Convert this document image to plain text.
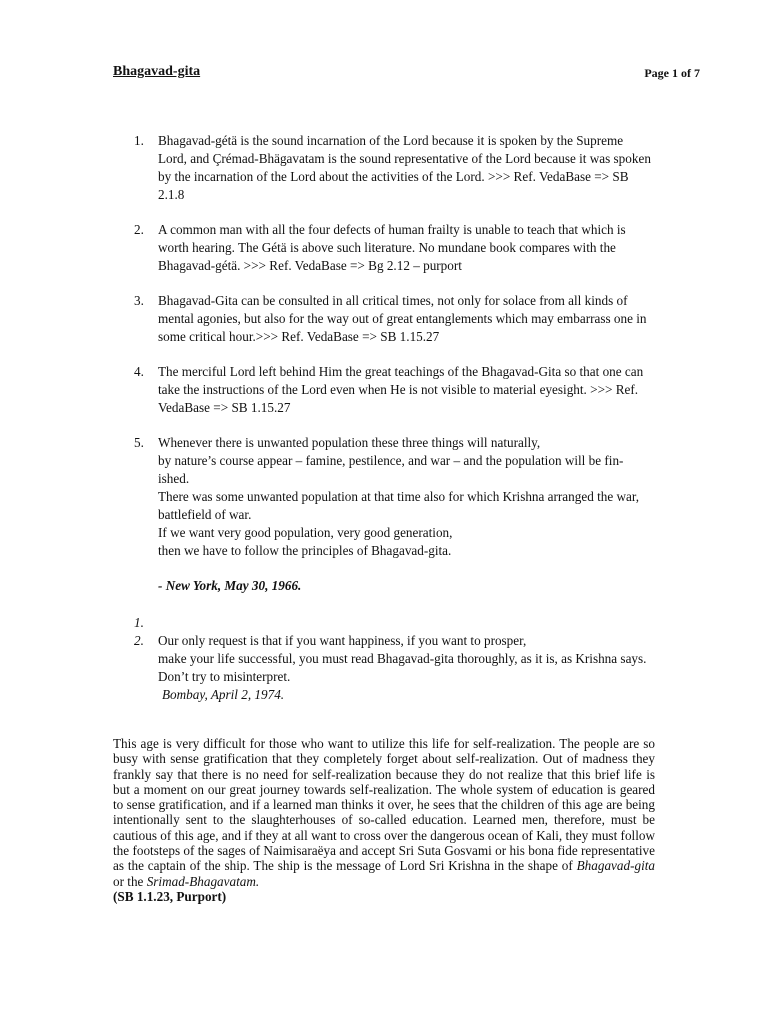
Bhagavad-gita	Page 1 of 7
1.	Bhagavad-gétä is the sound incarnation of the Lord because it is spoken by the Supreme Lord, and Çrémad-Bhägavatam is the sound representative of the Lord because it was spoken by the incarnation of the Lord about the activities of the Lord. >>> Ref. VedaBase => SB 2.1.8
2.	A common man with all the four defects of human frailty is unable to teach that which is worth hearing. The Gétä is above such literature. No mundane book compares with the Bhagavad-gétä. >>> Ref. VedaBase => Bg 2.12 – purport
3.	Bhagavad-Gita can be consulted in all critical times, not only for solace from all kinds of mental agonies, but also for the way out of great entanglements which may embarrass one in some critical hour.>>> Ref. VedaBase => SB 1.15.27
4.	The merciful Lord left behind Him the great teachings of the Bhagavad-Gita so that one can take the instructions of the Lord even when He is not visible to material eyesight. >>> Ref. VedaBase => SB 1.15.27
5.	Whenever there is unwanted population these three things will naturally,
by nature’s course appear – famine, pestilence, and war – and the population will be fin-ished.
There was some unwanted population at that time also for which Krishna arranged the war, battlefield of war.
If we want very good population, very good generation,
then we have to follow the principles of Bhagavad-gita.
- New York, May 30, 1966.
1.
2.	Our only request is that if you want happiness, if you want to prosper,
make your life successful, you must read Bhagavad-gita thoroughly, as it is, as Krishna says. Don’t try to misinterpret.
Bombay, April 2, 1974.
This age is very difficult for those who want to utilize this life for self-realization. The people are so busy with sense gratification that they completely forget about self-realization. Out of madness they frankly say that there is no need for self-realization because they do not realize that this brief life is but a moment on our great journey towards self-realization. The whole system of education is geared to sense gratification, and if a learned man thinks it over, he sees that the children of this age are being intentionally sent to the slaughterhouses of so-called education. Learned men, therefore, must be cautious of this age, and if they at all want to cross over the dangerous ocean of Kali, they must follow the footsteps of the sages of Naimisaraëya and accept Sri Suta Gosvami or his bona fide representative as the captain of the ship. The ship is the message of Lord Sri Krishna in the shape of Bhagavad-gita or the Srimad-Bhagavatam.
(SB 1.1.23, Purport)
